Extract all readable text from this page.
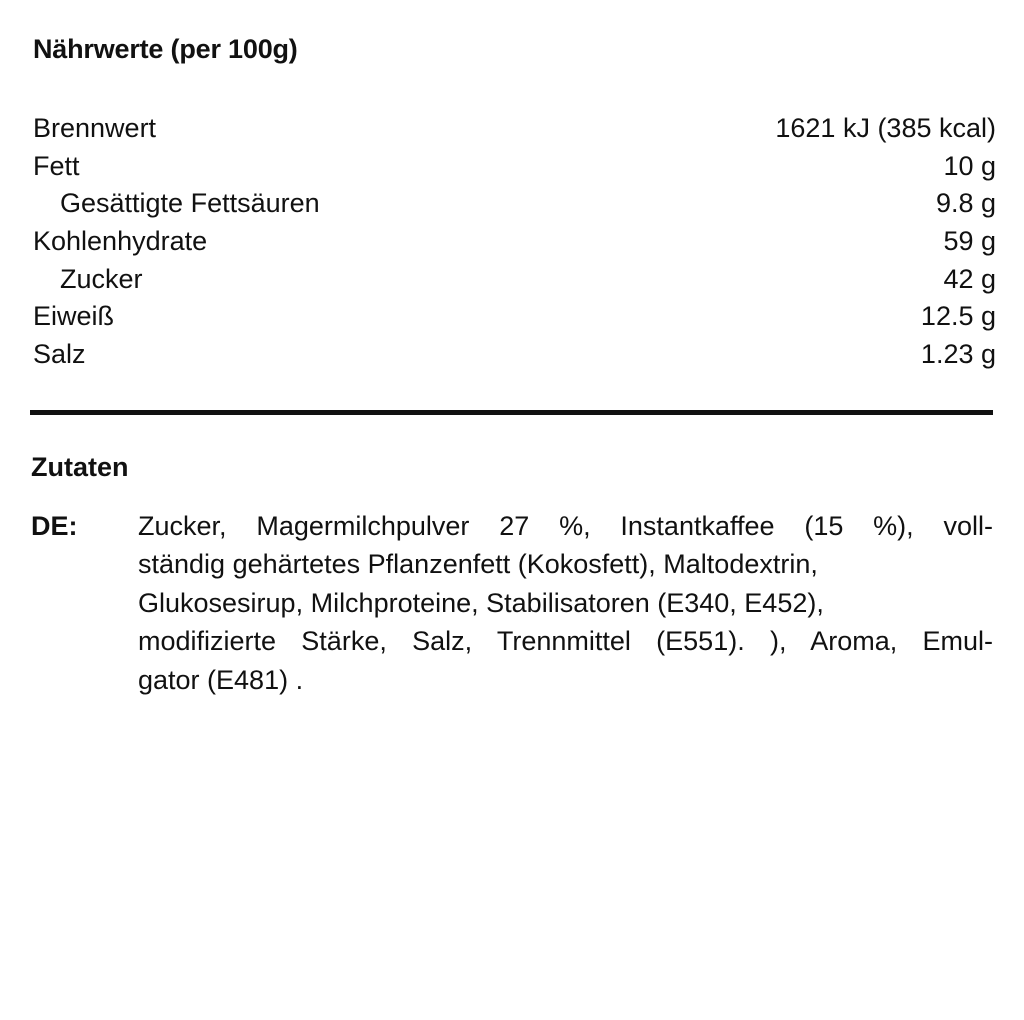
Nährwerte (per 100g)
Brennwert	1621 kJ (385 kcal)
Fett	10 g
Gesättigte Fettsäuren	9.8 g
Kohlenhydrate	59 g
Zucker	42 g
Eiweiß	12.5 g
Salz	1.23 g
Zutaten
DE:	Zucker, Magermilchpulver 27 %, Instantkaffee (15 %), voll-
ständig gehärtetes Pflanzenfett (Kokosfett), Maltodextrin,
Glukosesirup, Milchproteine, Stabilisatoren (E340, E452),
modifizierte Stärke, Salz, Trennmittel (E551). ), Aroma, Emul-
gator (E481) .
